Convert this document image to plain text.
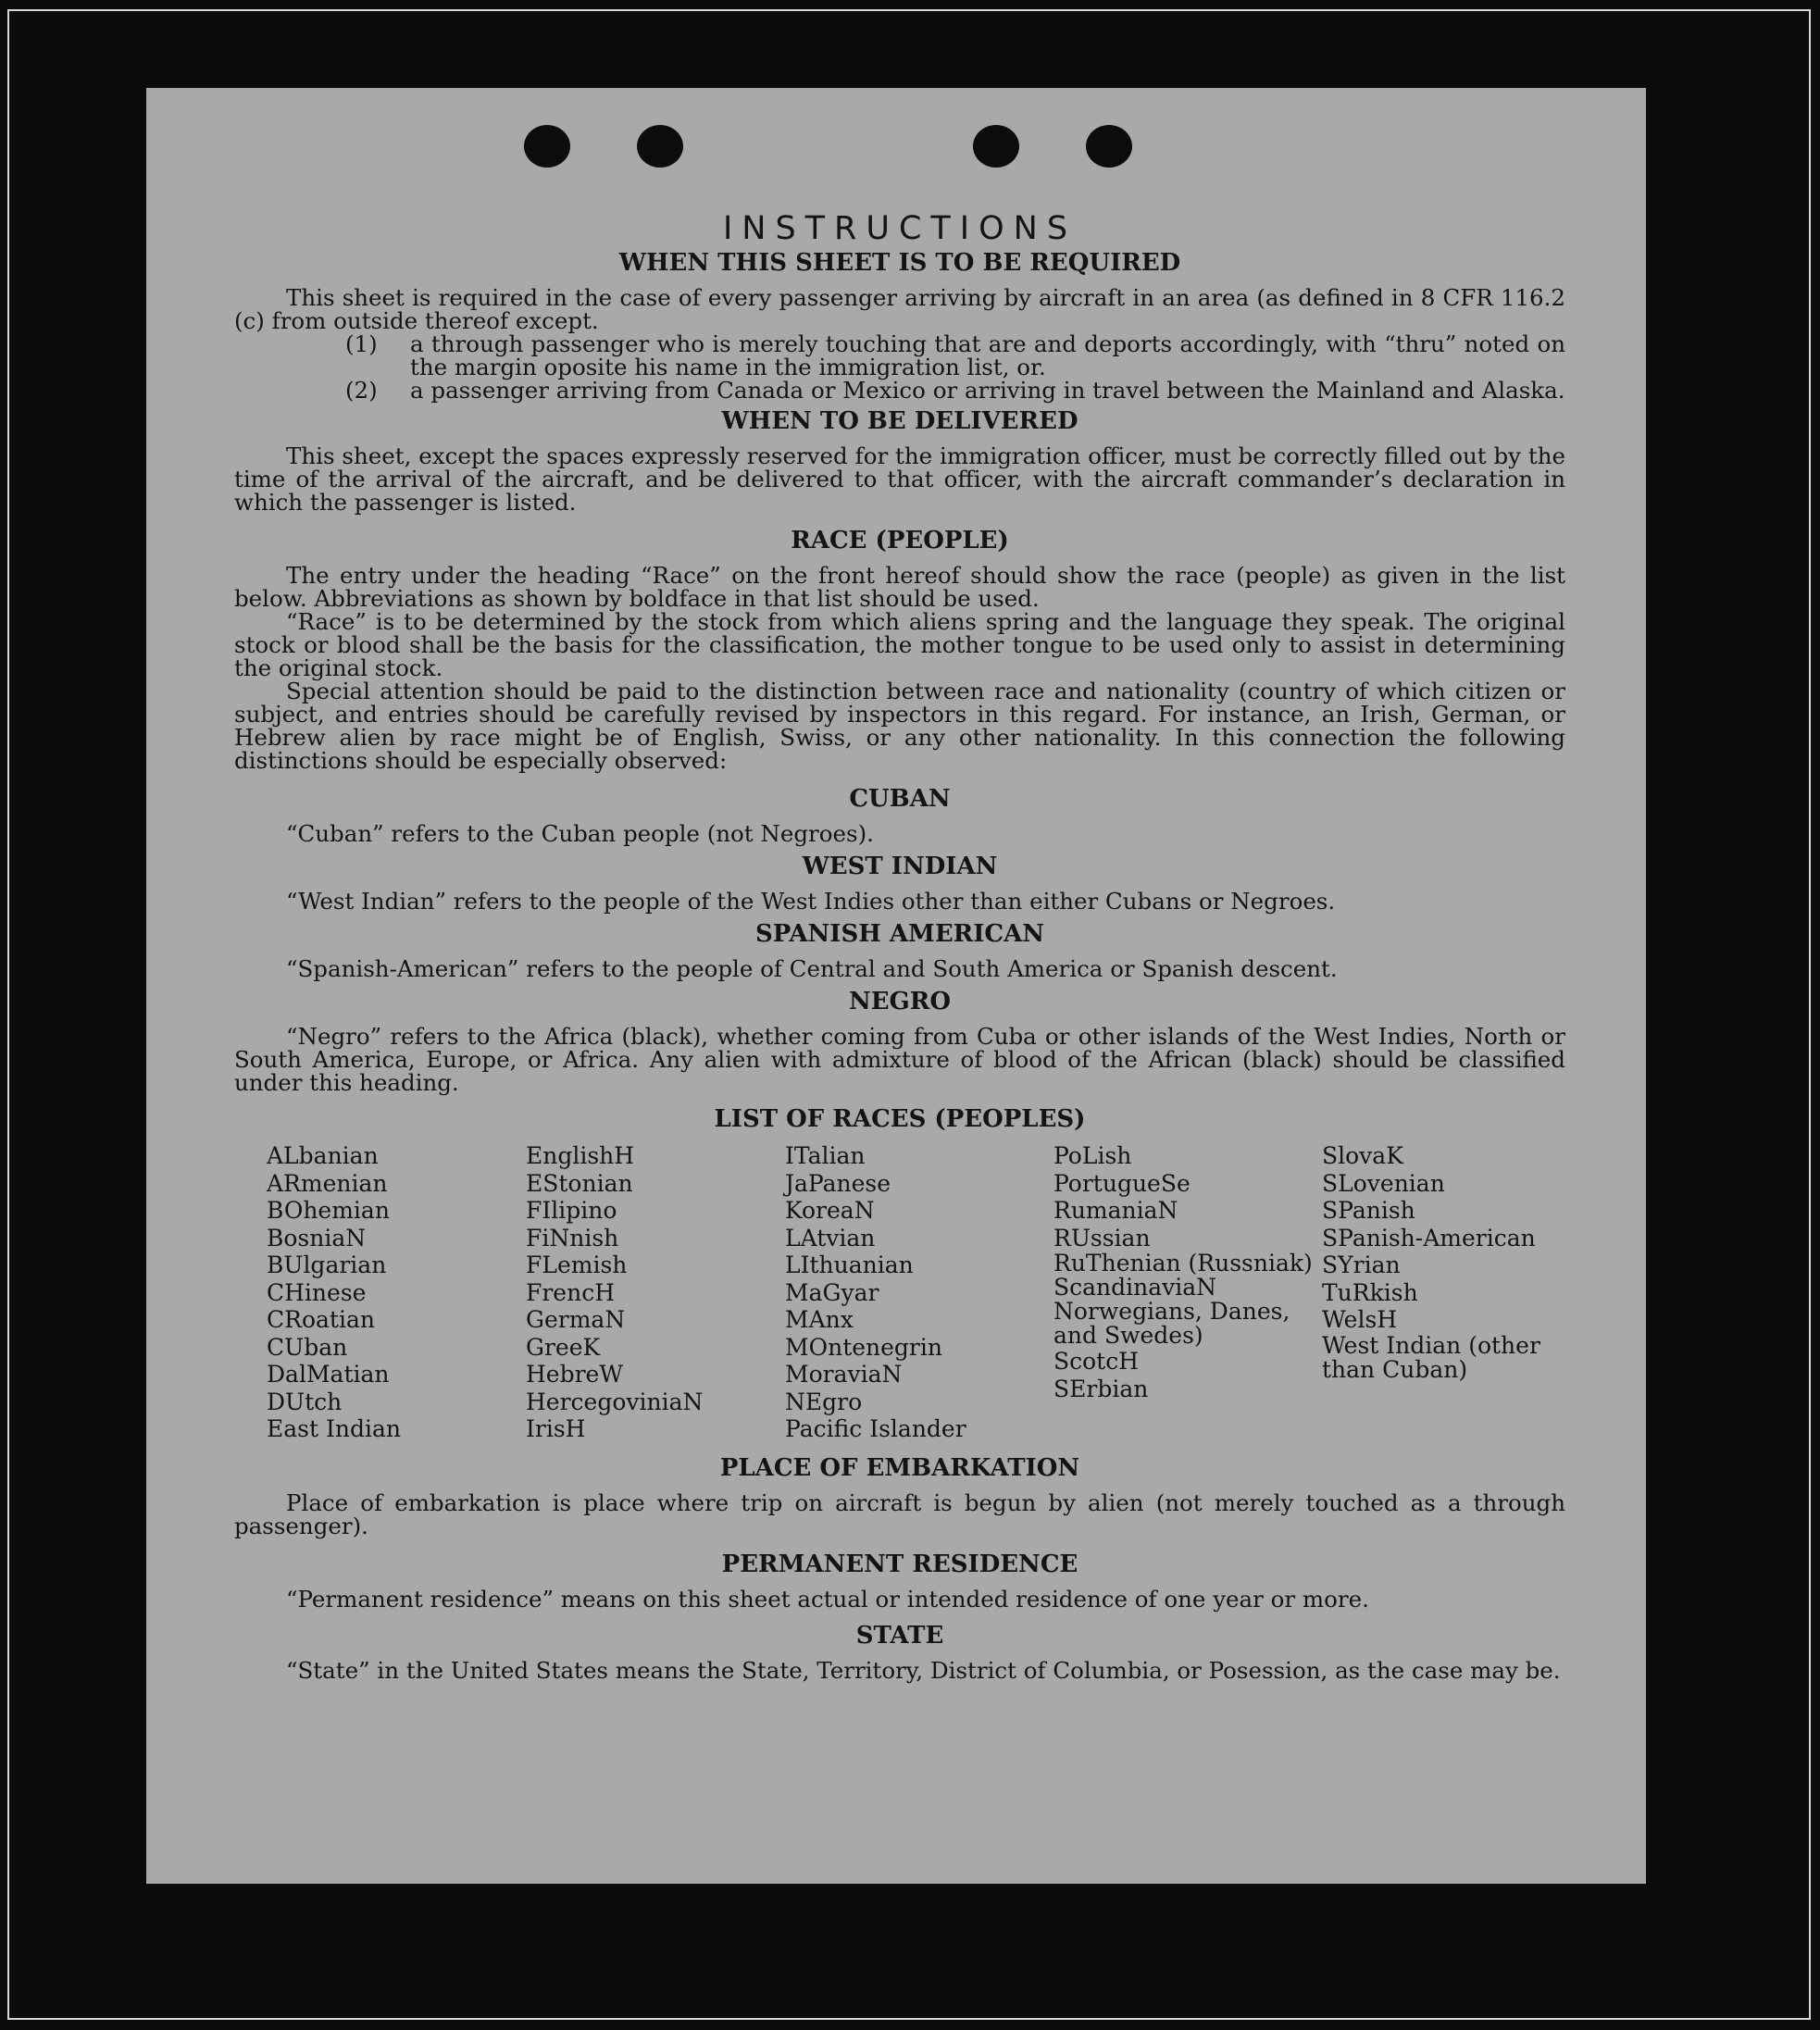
INSTRUCTIONS
WHEN THIS SHEET IS TO BE REQUIRED

This sheet is required in the case of every passenger arriving by aircraft in an area (as defined in 8 CFR 116.2 (c) from outside thereof except.

(1)	a through passenger who is merely touching that are and deports accordingly, with “thru” noted on the margin oposite his name in the immigration list, or.
(2)	a passenger arriving from Canada or Mexico or arriving in travel between the Mainland and Alaska.
WHEN TO BE DELIVERED

This sheet, except the spaces expressly reserved for the immigration officer, must be correctly filled out by the time of the arrival of the aircraft, and be delivered to that officer, with the aircraft commander’s declaration in which the passenger is listed.

RACE (PEOPLE)

The entry under the heading “Race” on the front hereof should show the race (people) as given in the list below. Abbreviations as shown by boldface in that list should be used.

“Race” is to be determined by the stock from which aliens spring and the language they speak. The original stock or blood shall be the basis for the classification, the mother tongue to be used only to assist in determining the original stock.

Special attention should be paid to the distinction between race and nationality (country of which citizen or subject, and entries should be carefully revised by inspectors in this regard. For instance, an Irish, German, or Hebrew alien by race might be of English, Swiss, or any other nationality. In this connection the following distinctions should be especially observed:

CUBAN

“Cuban” refers to the Cuban people (not Negroes).

WEST INDIAN

“West Indian” refers to the people of the West Indies other than either Cubans or Negroes.

SPANISH AMERICAN

“Spanish-American” refers to the people of Central and South America or Spanish descent.

NEGRO

“Negro” refers to the Africa (black), whether coming from Cuba or other islands of the West Indies, North or South America, Europe, or Africa. Any alien with admixture of blood of the African (black) should be classified under this heading.

LIST OF RACES (PEOPLES)
ALbanian
ARmenian
BOhemian
BosniaN
BUlgarian
CHinese
CRoatian
CUban
DalMatian
DUtch
East Indian
EnglishH
EStonian
FIlipino
FiNnish
FLemish
FrencH
GermaN
GreeK
HebreW
HercegoviniaN
IrisH
ITalian
JaPanese
KoreaN
LAtvian
LIthuanian
MaGyar
MAnx
MOntenegrin
MoraviaN
NEgro
Pacific Islander
PoLish
PortugueSe
RumaniaN
RUssian
RuThenian (Russniak)
ScandinaviaN Norwegians, Danes, and Swedes)
ScotcH
SErbian
SlovaK
SLovenian
SPanish
SPanish-American
SYrian
TuRkish
WelsH
West Indian (other than Cuban)
PLACE OF EMBARKATION

Place of embarkation is place where trip on aircraft is begun by alien (not merely touched as a through passenger).

PERMANENT RESIDENCE

“Permanent residence” means on this sheet actual or intended residence of one year or more.

STATE

“State” in the United States means the State, Territory, District of Columbia, or Posession, as the case may be.
